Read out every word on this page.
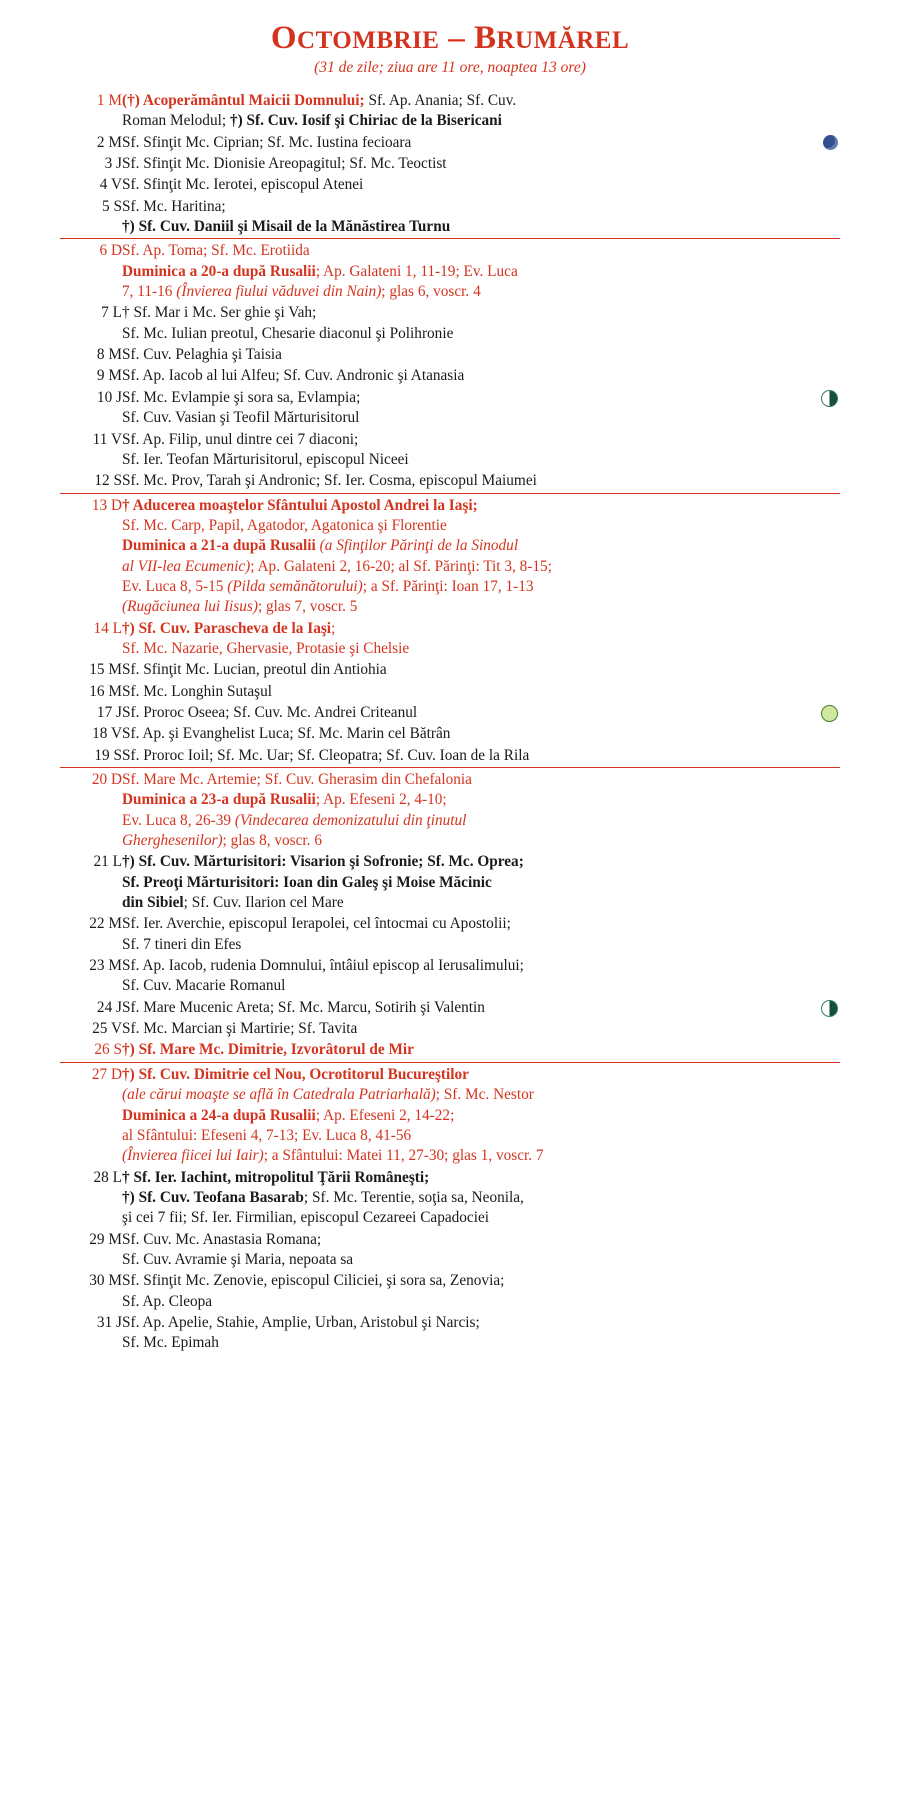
OCTOMBRIE – BRUMĂREL
(31 de zile; ziua are 11 ore, noaptea 13 ore)
1 M	(†) Acoperământul Maicii Domnului; Sf. Ap. Anania; Sf. Cuv.
Roman Melodul; †) Sf. Cuv. Iosif şi Chiriac de la Bisericani

2 M	Sf. Sfinţit Mc. Ciprian; Sf. Mc. Iustina fecioara

3 J	Sf. Sfinţit Mc. Dionisie Areopagitul; Sf. Mc. Teoctist

4 V	Sf. Sfinţit Mc. Ierotei, episcopul Atenei

5 S	Sf. Mc. Haritina;
†) Sf. Cuv. Daniil şi Misail de la Mănăstirea Turnu

6 D	Sf. Ap. Toma; Sf. Mc. Erotiida
Duminica a 20-a după Rusalii; Ap. Galateni 1, 11-19; Ev. Luca
7, 11-16 (Învierea fiului văduvei din Nain); glas 6, voscr. 4

7 L	† Sf. Mar i Mc. Ser ghie şi Vah;
Sf. Mc. Iulian preotul, Chesarie diaconul şi Polihronie

8 M	Sf. Cuv. Pelaghia şi Taisia

9 M	Sf. Ap. Iacob al lui Alfeu; Sf. Cuv. Andronic şi Atanasia

10 J	Sf. Mc. Evlampie şi sora sa, Evlampia;
Sf. Cuv. Vasian şi Teofil Mărturisitorul

11 V	Sf. Ap. Filip, unul dintre cei 7 diaconi;
Sf. Ier. Teofan Mărturisitorul, episcopul Niceei

12 S	Sf. Mc. Prov, Tarah şi Andronic; Sf. Ier. Cosma, episcopul Maiumei

13 D	† Aducerea moaştelor Sfântului Apostol Andrei la Iaşi;
Sf. Mc. Carp, Papil, Agatodor, Agatonica şi Florentie
Duminica a 21-a după Rusalii (a Sfinţilor Părinţi de la Sinodul
al VII-lea Ecumenic); Ap. Galateni 2, 16-20; al Sf. Părinţi: Tit 3, 8-15;
Ev. Luca 8, 5-15 (Pilda semănătorului); a Sf. Părinţi: Ioan 17, 1-13
(Rugăciunea lui Iisus); glas 7, voscr. 5

14 L	†) Sf. Cuv. Parascheva de la Iaşi;
Sf. Mc. Nazarie, Ghervasie, Protasie şi Chelsie

15 M	Sf. Sfinţit Mc. Lucian, preotul din Antiohia

16 M	Sf. Mc. Longhin Sutaşul

17 J	Sf. Proroc Oseea; Sf. Cuv. Mc. Andrei Criteanul

18 V	Sf. Ap. şi Evanghelist Luca; Sf. Mc. Marin cel Bătrân

19 S	Sf. Proroc Ioil; Sf. Mc. Uar; Sf. Cleopatra; Sf. Cuv. Ioan de la Rila

20 D	Sf. Mare Mc. Artemie; Sf. Cuv. Gherasim din Chefalonia
Duminica a 23-a după Rusalii; Ap. Efeseni 2, 4-10;
Ev. Luca 8, 26-39 (Vindecarea demonizatului din ţinutul
Gherghesenilor); glas 8, voscr. 6

21 L	†) Sf. Cuv. Mărturisitori: Visarion şi Sofronie; Sf. Mc. Oprea;
Sf. Preoţi Mărturisitori: Ioan din Galeş şi Moise Măcinic
din Sibiel; Sf. Cuv. Ilarion cel Mare

22 M	Sf. Ier. Averchie, episcopul Ierapolei, cel întocmai cu Apostolii;
Sf. 7 tineri din Efes

23 M	Sf. Ap. Iacob, rudenia Domnului, întâiul episcop al Ierusalimului;
Sf. Cuv. Macarie Romanul

24 J	Sf. Mare Mucenic Areta; Sf. Mc. Marcu, Sotirih şi Valentin

25 V	Sf. Mc. Marcian şi Martirie; Sf. Tavita

26 S	†) Sf. Mare Mc. Dimitrie, Izvorâtorul de Mir

27 D	†) Sf. Cuv. Dimitrie cel Nou, Ocrotitorul Bucureştilor
(ale cărui moaşte se află în Catedrala Patriarhală); Sf. Mc. Nestor
Duminica a 24-a după Rusalii; Ap. Efeseni 2, 14-22;
al Sfântului: Efeseni 4, 7-13; Ev. Luca 8, 41-56
(Învierea fiicei lui Iair); a Sfântului: Matei 11, 27-30; glas 1, voscr. 7

28 L	† Sf. Ier. Iachint, mitropolitul Ţării Româneşti;
†) Sf. Cuv. Teofana Basarab; Sf. Mc. Terentie, soţia sa, Neonila,
şi cei 7 fii; Sf. Ier. Firmilian, episcopul Cezareei Capadociei

29 M	Sf. Cuv. Mc. Anastasia Romana;
Sf. Cuv. Avramie şi Maria, nepoata sa

30 M	Sf. Sfinţit Mc. Zenovie, episcopul Ciliciei, şi sora sa, Zenovia;
Sf. Ap. Cleopa

31 J	Sf. Ap. Apelie, Stahie, Amplie, Urban, Aristobul şi Narcis;
Sf. Mc. Epimah
